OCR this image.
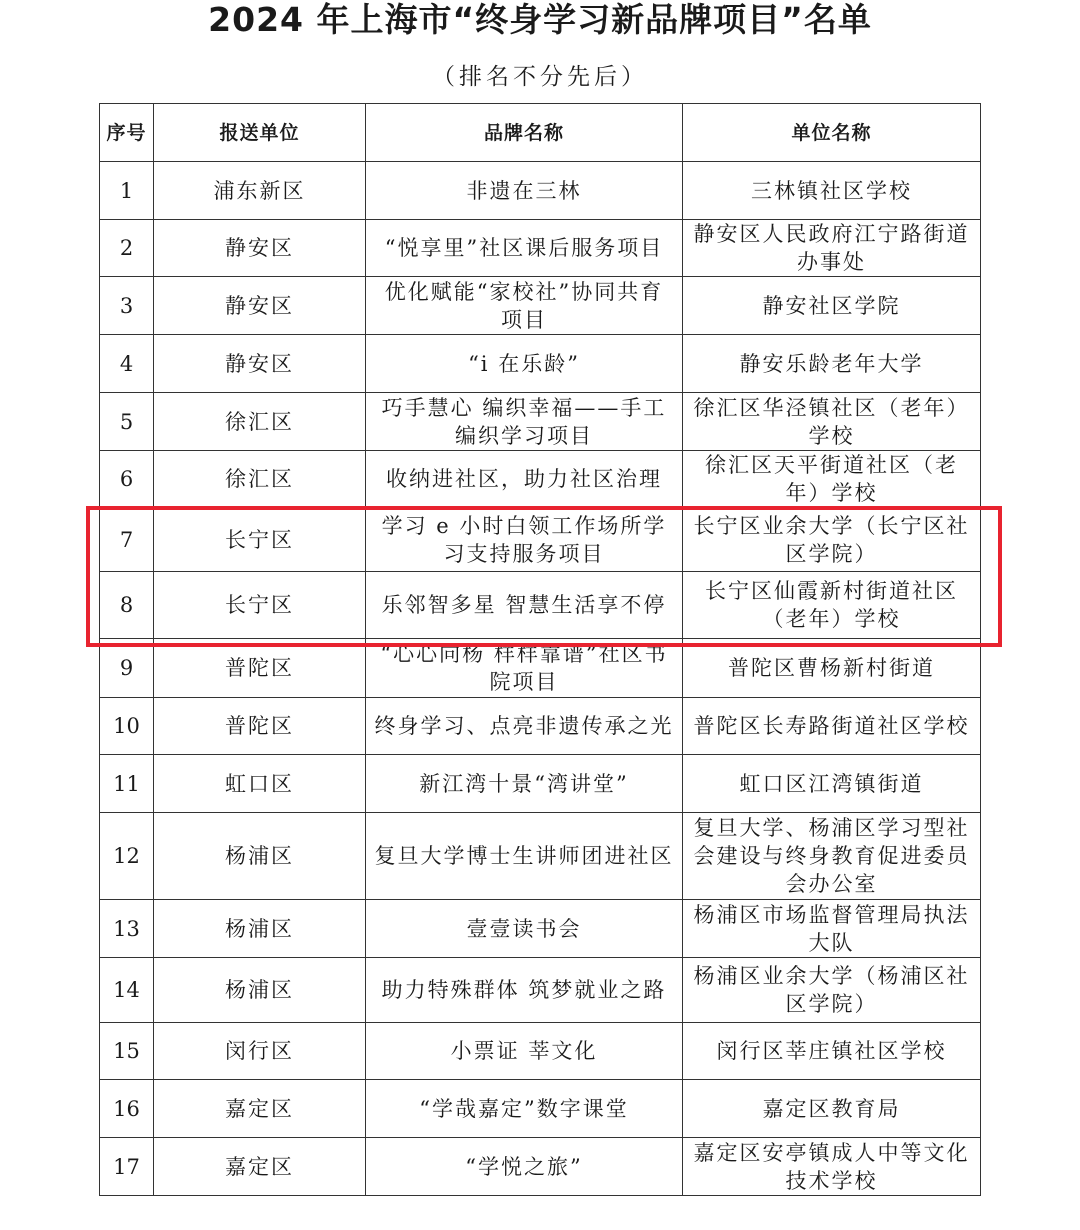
2024 年上海市“终身学习新品牌项目”名单
（排名不分先后）
序号	报送单位	品牌名称	单位名称
1	浦东新区	非遗在三林	三林镇社区学校
2	静安区	“悦享里”社区课后服务项目	静安区人民政府江宁路街道办事处
3	静安区	优化赋能“家校社”协同共育项目	静安社区学院
4	静安区	“i 在乐龄”	静安乐龄老年大学
5	徐汇区	巧手慧心 编织幸福——手工编织学习项目	徐汇区华泾镇社区（老年）学校
6	徐汇区	收纳进社区，助力社区治理	徐汇区天平街道社区（老年）学校
7	长宁区	学习 e 小时白领工作场所学习支持服务项目	长宁区业余大学（长宁区社区学院）
8	长宁区	乐邻智多星 智慧生活享不停	长宁区仙霞新村街道社区（老年）学校
9	普陀区	“心心向杨 样样靠谱”社区书院项目	普陀区曹杨新村街道
10	普陀区	终身学习、点亮非遗传承之光	普陀区长寿路街道社区学校
11	虹口区	新江湾十景“湾讲堂”	虹口区江湾镇街道
12	杨浦区	复旦大学博士生讲师团进社区	复旦大学、杨浦区学习型社会建设与终身教育促进委员会办公室
13	杨浦区	壹壹读书会	杨浦区市场监督管理局执法大队
14	杨浦区	助力特殊群体 筑梦就业之路	杨浦区业余大学（杨浦区社区学院）
15	闵行区	小票证 莘文化	闵行区莘庄镇社区学校
16	嘉定区	“学哉嘉定”数字课堂	嘉定区教育局
17	嘉定区	“学悦之旅”	嘉定区安亭镇成人中等文化技术学校
